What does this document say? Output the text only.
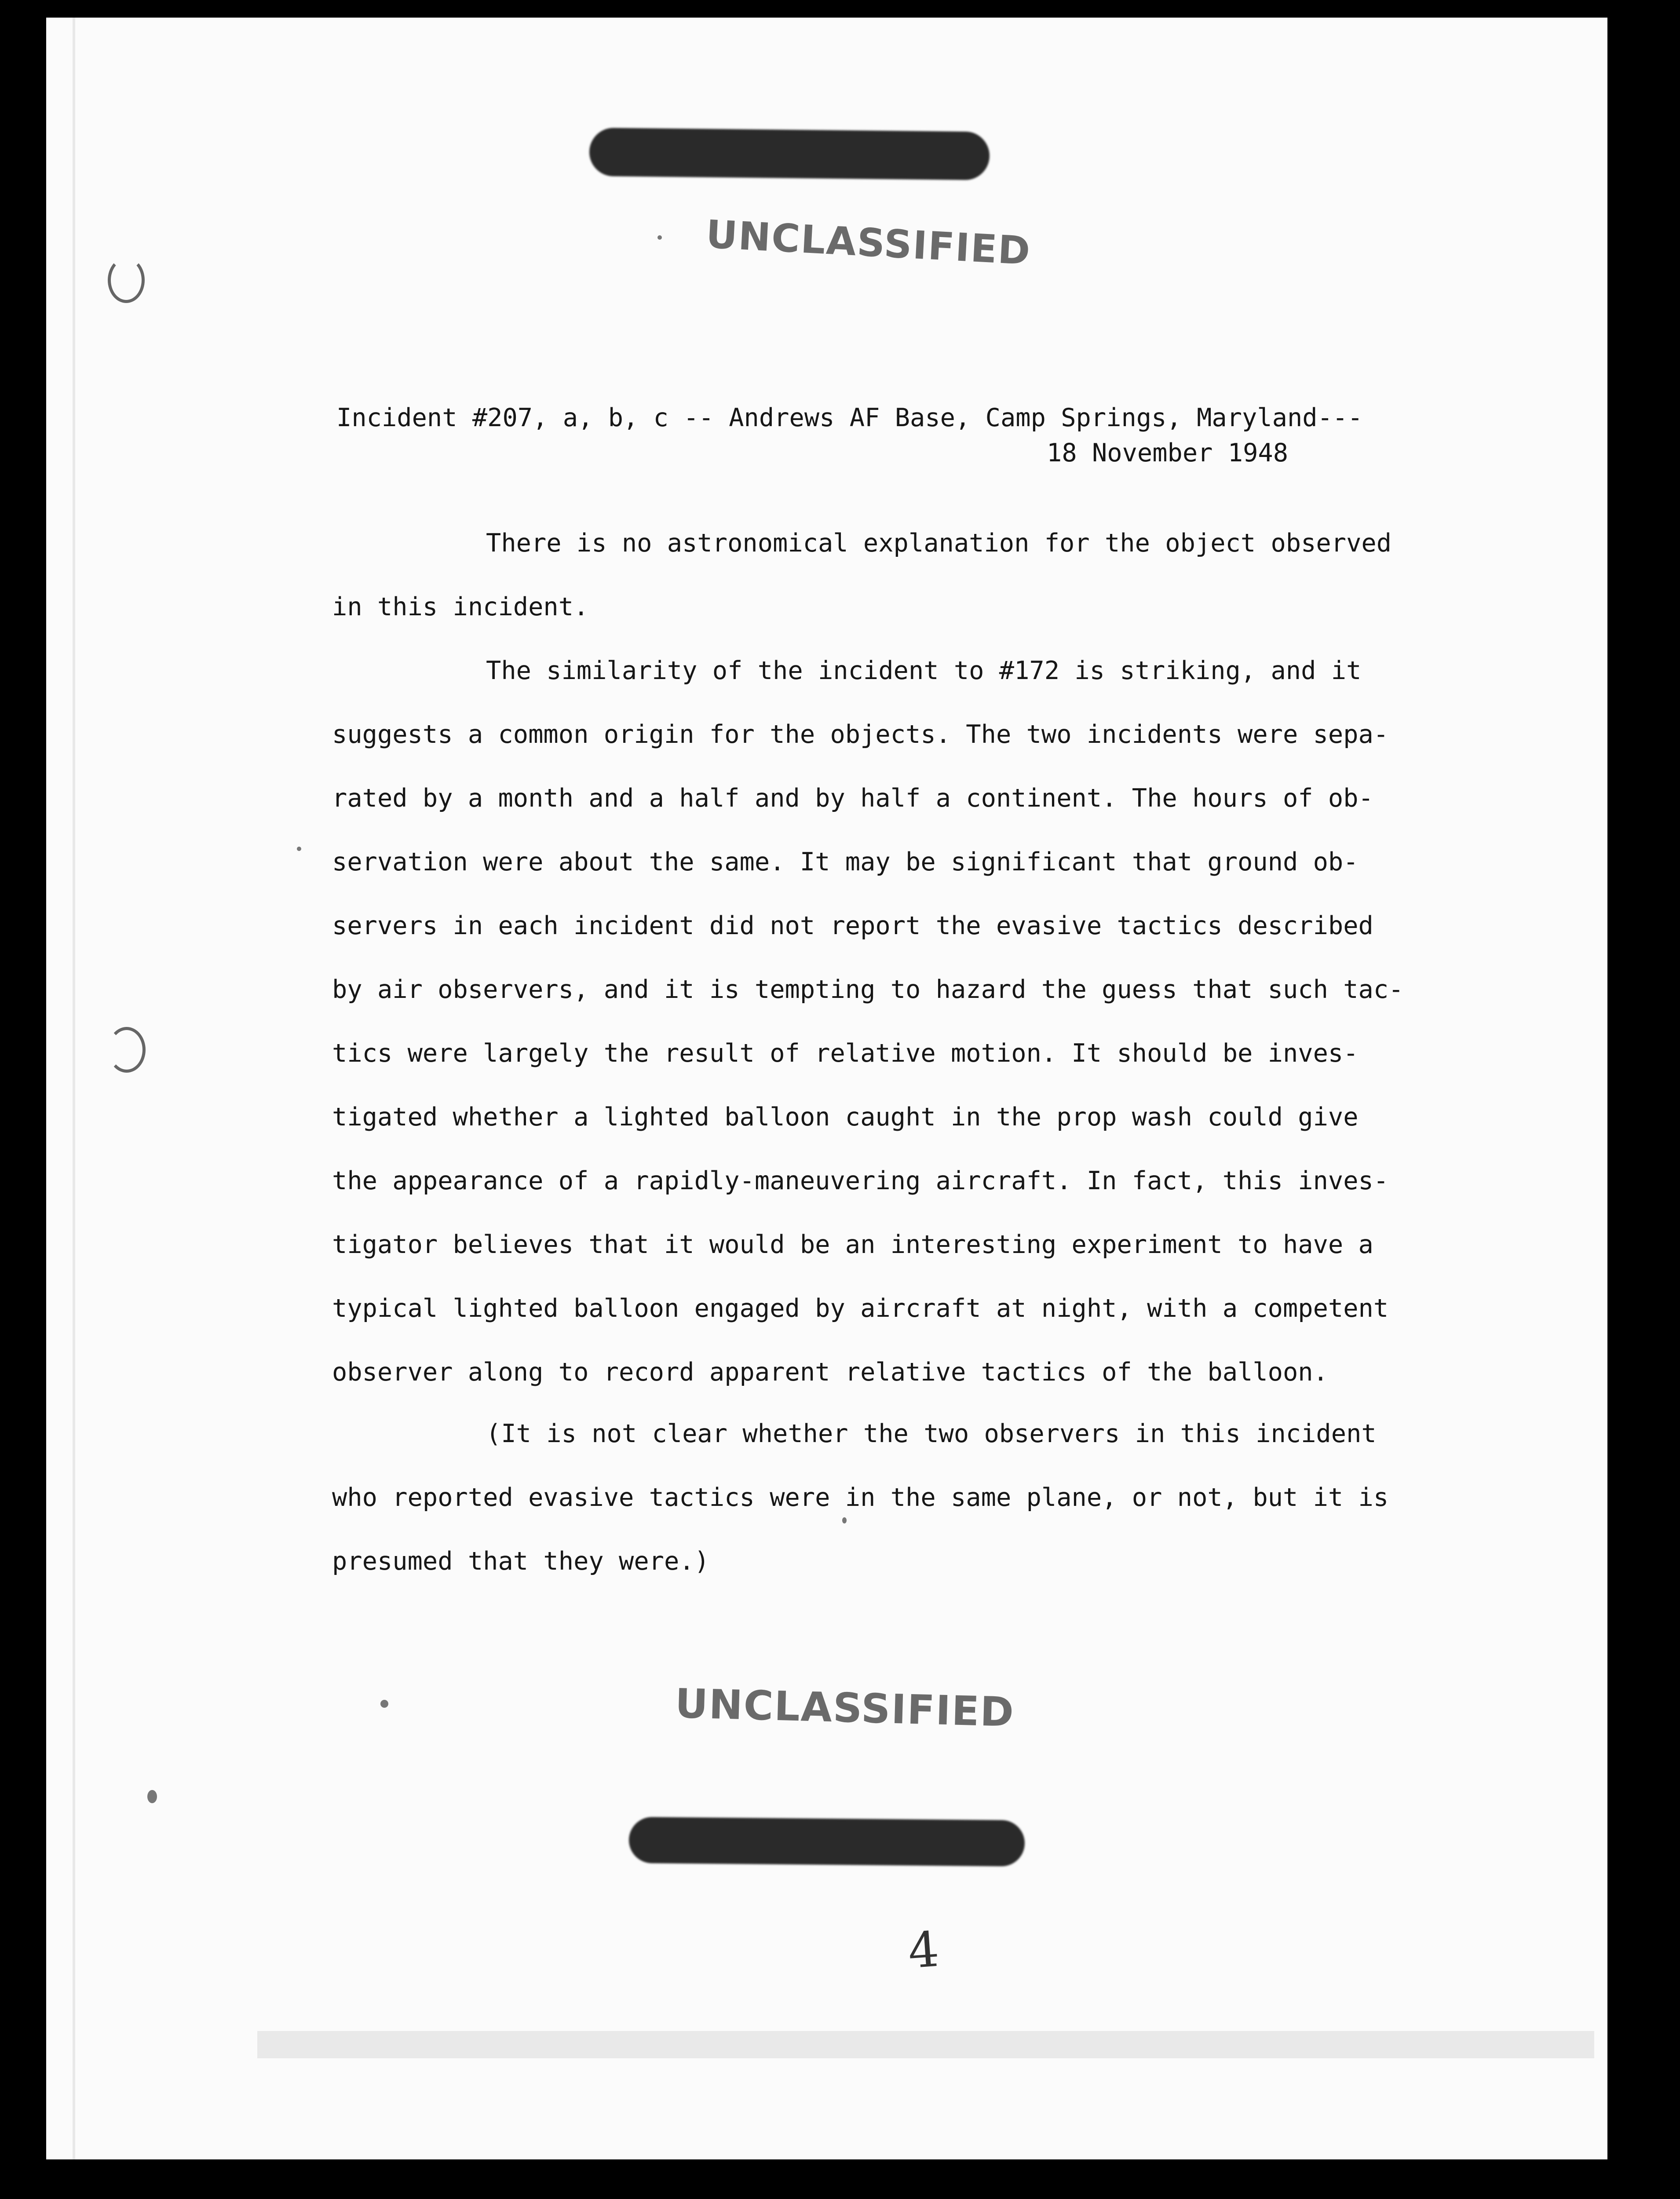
UNCLASSIFIED
Incident #207, a, b, c -- Andrews AF Base, Camp Springs, Maryland---
18 November 1948
There is no astronomical explanation for the object observed
in this incident.
The similarity of the incident to #172 is striking, and it
suggests a common origin for the objects. The two incidents were sepa-
rated by a month and a half and by half a continent. The hours of ob-
servation were about the same. It may be significant that ground ob-
servers in each incident did not report the evasive tactics described
by air observers, and it is tempting to hazard the guess that such tac-
tics were largely the result of relative motion. It should be inves-
tigated whether a lighted balloon caught in the prop wash could give
the appearance of a rapidly-maneuvering aircraft. In fact, this inves-
tigator believes that it would be an interesting experiment to have a
typical lighted balloon engaged by aircraft at night, with a competent
observer along to record apparent relative tactics of the balloon.
(It is not clear whether the two observers in this incident
who reported evasive tactics were in the same plane, or not, but it is
presumed that they were.)
UNCLASSIFIED
4
